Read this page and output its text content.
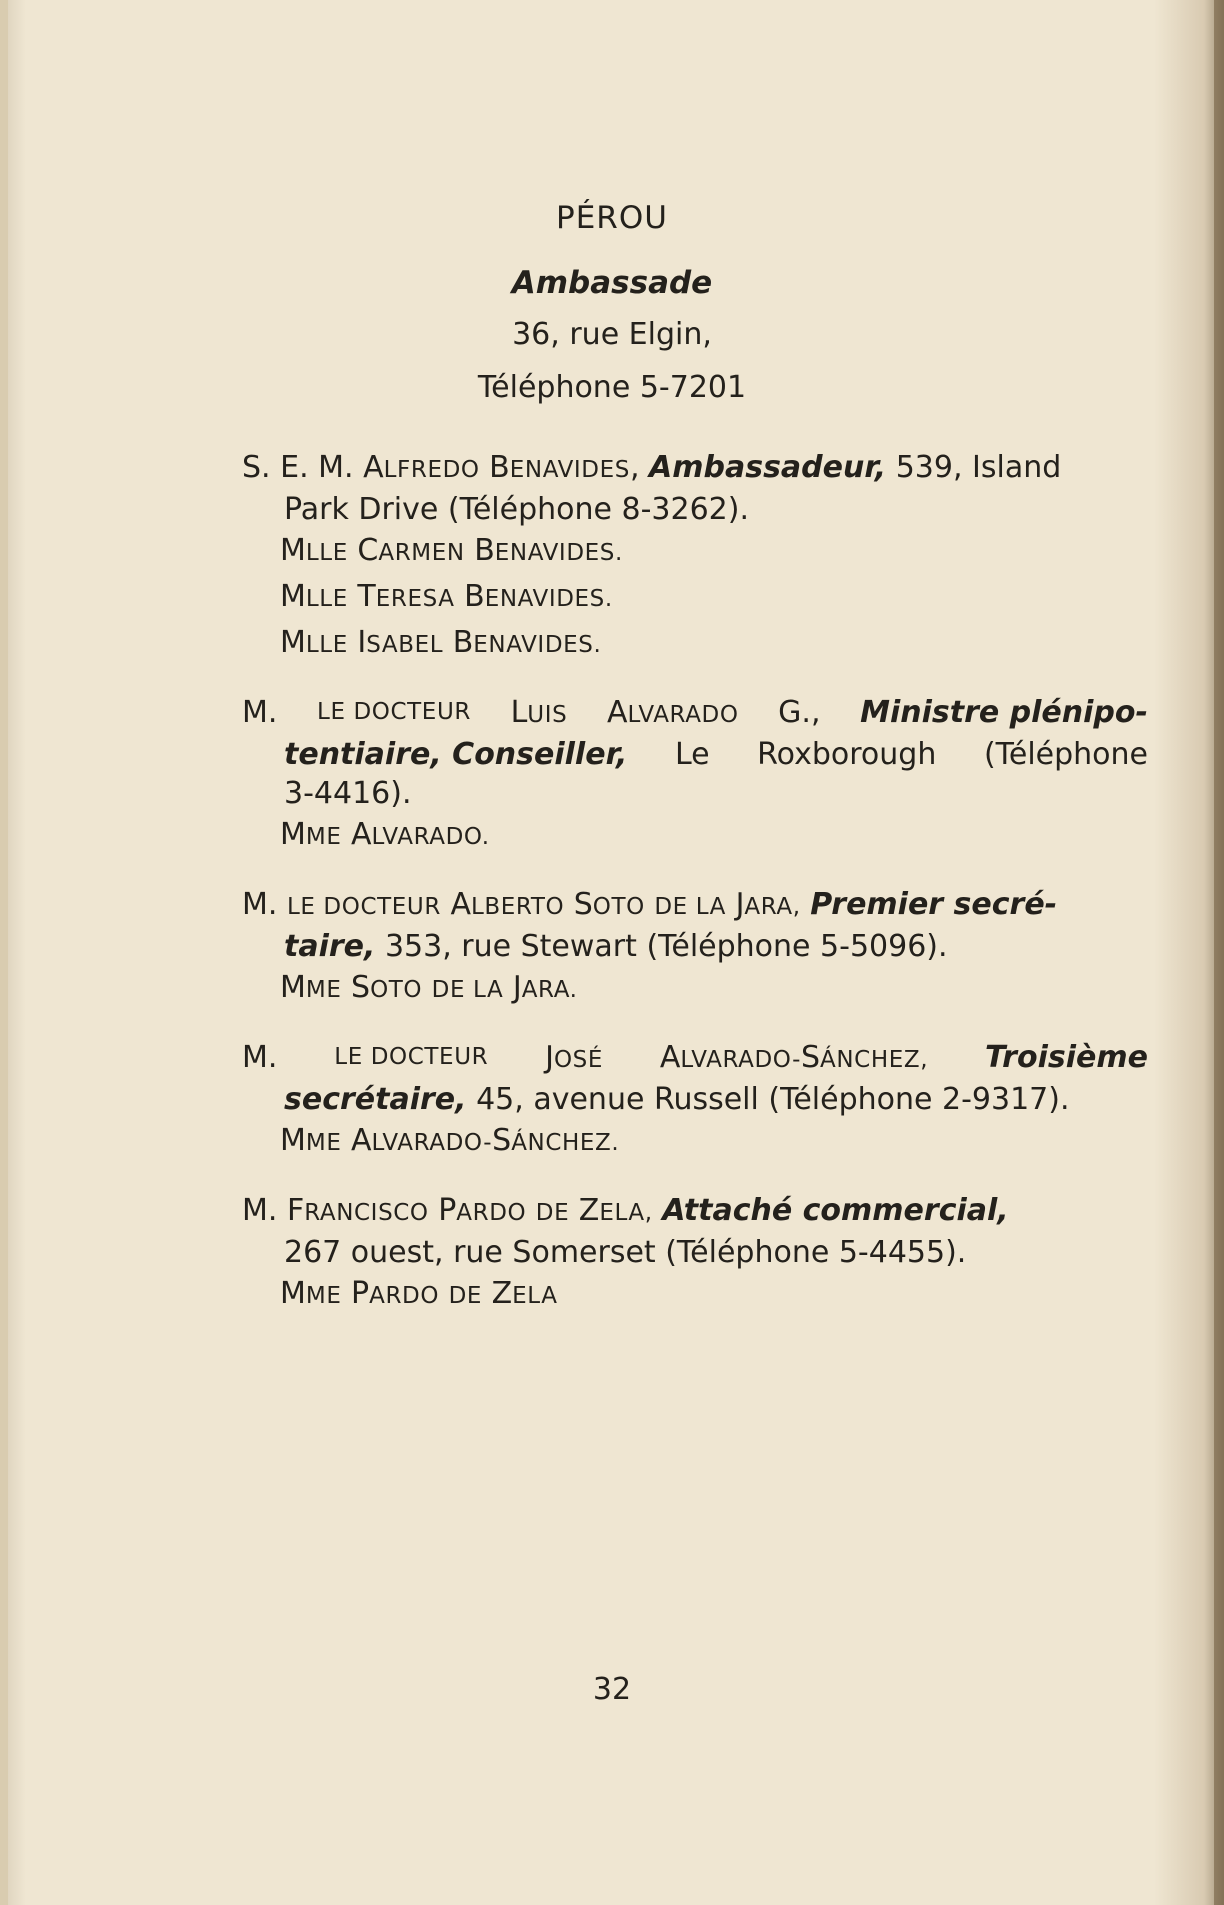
PÉROU
Ambassade
36, rue Elgin,
Téléphone 5-7201
S. E. M. ALFREDO BENAVIDES, Ambassadeur, 539, Island
Park Drive (Téléphone 8-3262).
MLLE CARMEN BENAVIDES.
MLLE TERESA BENAVIDES.
MLLE ISABEL BENAVIDES.
M. LE DOCTEUR LUIS ALVARADO G., Ministre plénipo-
tentiaire, Conseiller, Le Roxborough (Téléphone
3-4416).
MME ALVARADO.
M. LE DOCTEUR ALBERTO SOTO DE LA JARA, Premier secré-
taire, 353, rue Stewart (Téléphone 5-5096).
MME SOTO DE LA JARA.
M. LE DOCTEUR JOSÉ ALVARADO-SÁNCHEZ, Troisième
secrétaire, 45, avenue Russell (Téléphone 2-9317).
MME ALVARADO-SÁNCHEZ.
M. FRANCISCO PARDO DE ZELA, Attaché commercial,
267 ouest, rue Somerset (Téléphone 5-4455).
MME PARDO DE ZELA
32
